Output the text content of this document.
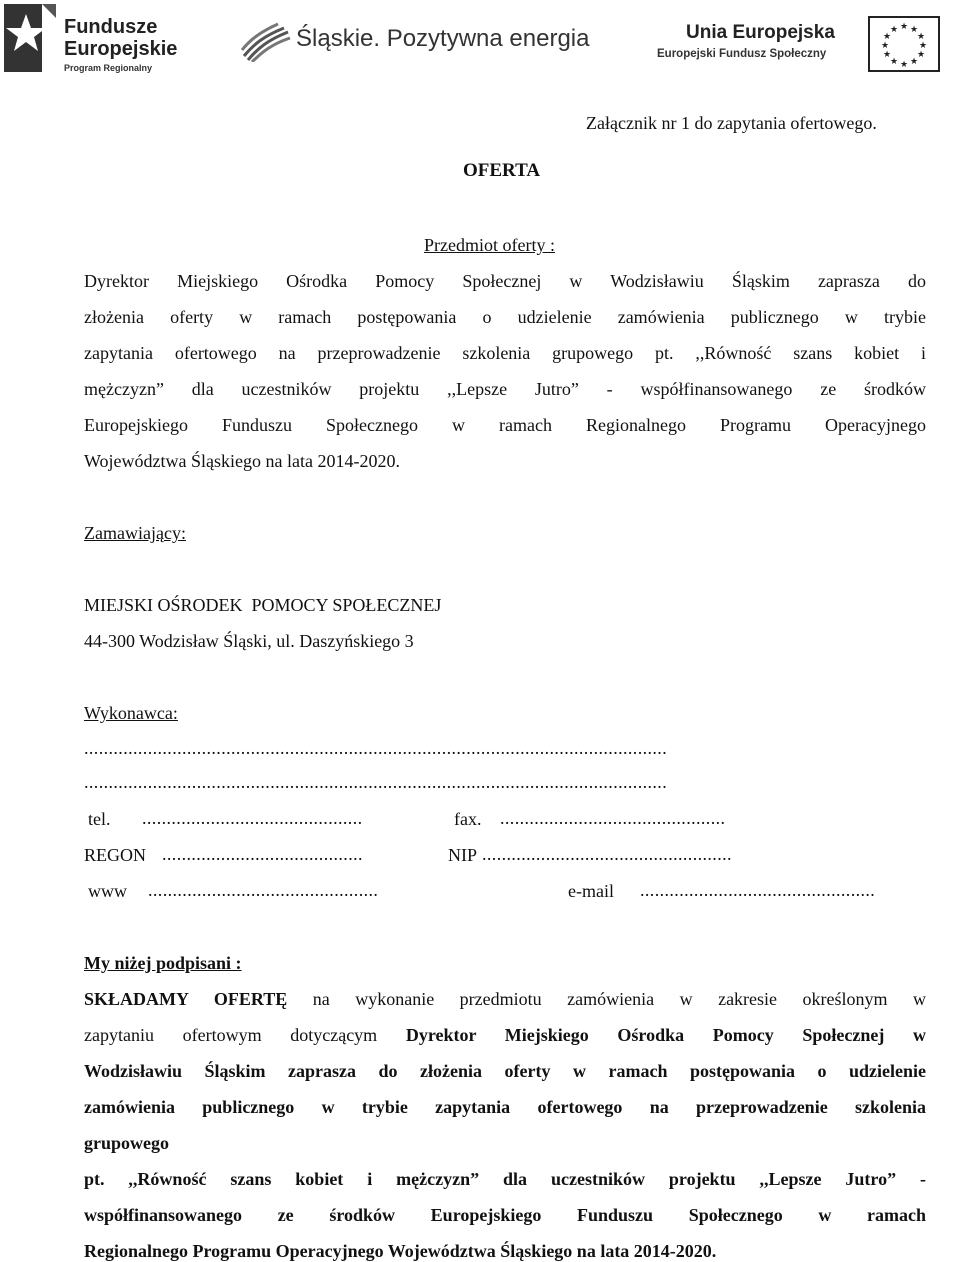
Fundusze
Europejskie
Program Regionalny
Śląskie. Pozytywna energia	Unia Europejska
Europejski Fundusz Społeczny
★ ★
★
★
★
★
★
★
★
★
★
★
Załącznik nr 1 do zapytania ofertowego.
OFERTA
Przedmiot oferty :
Dyrektor Miejskiego Ośrodka Pomocy Społecznej w Wodzisławiu Śląskim zaprasza do
złożenia oferty w ramach postępowania o udzielenie zamówienia publicznego w trybie
zapytania ofertowego na przeprowadzenie szkolenia grupowego pt. ,,Równość szans kobiet i
mężczyzn” dla uczestników projektu ,,Lepsze Jutro” - współfinansowanego ze środków
Europejskiego Funduszu Społecznego w ramach Regionalnego Programu Operacyjnego
Województwa Śląskiego na lata 2014-2020.
Zamawiający:
MIEJSKI OŚRODEK  POMOCY SPOŁECZNEJ
44-300 Wodzisław Śląski, ul. Daszyńskiego 3
Wykonawca:
.......................................................................................................................
.......................................................................................................................
tel. .............................................	fax. ..............................................
REGON .........................................	NIP ...................................................
www ...............................................	e-mail ................................................
My niżej podpisani :
SKŁADAMY OFERTĘ na wykonanie przedmiotu zamówienia w zakresie określonym w
zapytaniu ofertowym dotyczącym Dyrektor Miejskiego Ośrodka Pomocy Społecznej w
Wodzisławiu Śląskim zaprasza do złożenia oferty w ramach postępowania o udzielenie
zamówienia publicznego w trybie zapytania ofertowego na przeprowadzenie szkolenia
grupowego
pt. ,,Równość szans kobiet i mężczyzn” dla uczestników projektu ,,Lepsze Jutro” -
współfinansowanego ze środków Europejskiego Funduszu Społecznego w ramach
Regionalnego Programu Operacyjnego Województwa Śląskiego na lata 2014-2020.
